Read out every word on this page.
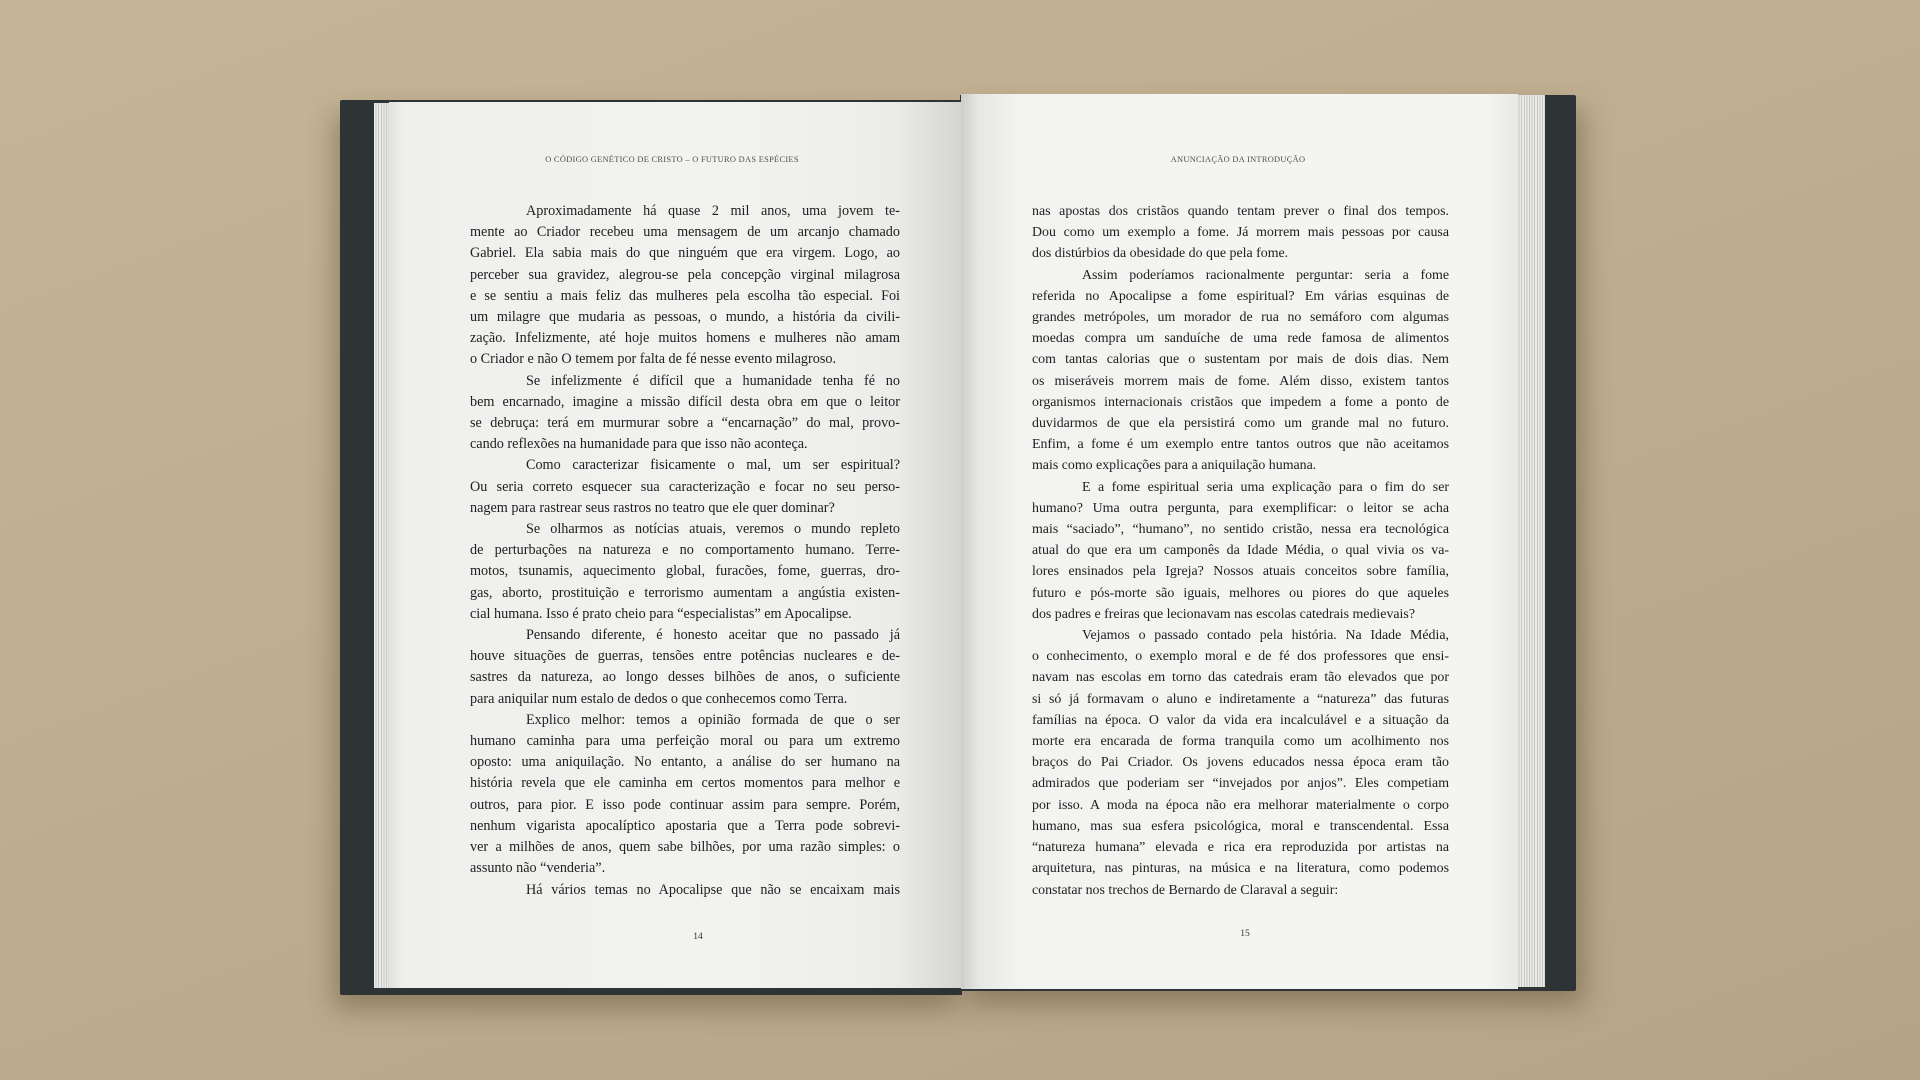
O CÓDIGO GENÉTICO DE CRISTO – O FUTURO DAS ESPÉCIES
Aproximadamente há quase 2 mil anos, uma jovem te-
mente ao Criador recebeu uma mensagem de um arcanjo chamado
Gabriel. Ela sabia mais do que ninguém que era virgem. Logo, ao
perceber sua gravidez, alegrou-se pela concepção virginal milagrosa
e se sentiu a mais feliz das mulheres pela escolha tão especial. Foi
um milagre que mudaria as pessoas, o mundo, a história da civili-
zação. Infelizmente, até hoje muitos homens e mulheres não amam
o Criador e não O temem por falta de fé nesse evento milagroso.
Se infelizmente é difícil que a humanidade tenha fé no
bem encarnado, imagine a missão difícil desta obra em que o leitor
se debruça: terá em murmurar sobre a “encarnação” do mal, provo-
cando reflexões na humanidade para que isso não aconteça.
Como caracterizar fisicamente o mal, um ser espiritual?
Ou seria correto esquecer sua caracterização e focar no seu perso-
nagem para rastrear seus rastros no teatro que ele quer dominar?
Se olharmos as notícias atuais, veremos o mundo repleto
de perturbações na natureza e no comportamento humano. Terre-
motos, tsunamis, aquecimento global, furacões, fome, guerras, dro-
gas, aborto, prostituição e terrorismo aumentam a angústia existen-
cial humana. Isso é prato cheio para “especialistas” em Apocalipse.
Pensando diferente, é honesto aceitar que no passado já
houve situações de guerras, tensões entre potências nucleares e de-
sastres da natureza, ao longo desses bilhões de anos, o suficiente
para aniquilar num estalo de dedos o que conhecemos como Terra.
Explico melhor: temos a opinião formada de que o ser
humano caminha para uma perfeição moral ou para um extremo
oposto: uma aniquilação. No entanto, a análise do ser humano na
história revela que ele caminha em certos momentos para melhor e
outros, para pior. E isso pode continuar assim para sempre. Porém,
nenhum vigarista apocalíptico apostaria que a Terra pode sobrevi-
ver a milhões de anos, quem sabe bilhões, por uma razão simples: o
assunto não “venderia”.
Há vários temas no Apocalipse que não se encaixam mais
14
ANUNCIAÇÃO DA INTRODUÇÃO
nas apostas dos cristãos quando tentam prever o final dos tempos.
Dou como um exemplo a fome. Já morrem mais pessoas por causa
dos distúrbios da obesidade do que pela fome.
Assim poderíamos racionalmente perguntar: seria a fome
referida no Apocalipse a fome espiritual? Em várias esquinas de
grandes metrópoles, um morador de rua no semáforo com algumas
moedas compra um sanduíche de uma rede famosa de alimentos
com tantas calorias que o sustentam por mais de dois dias. Nem
os miseráveis morrem mais de fome. Além disso, existem tantos
organismos internacionais cristãos que impedem a fome a ponto de
duvidarmos de que ela persistirá como um grande mal no futuro.
Enfim, a fome é um exemplo entre tantos outros que não aceitamos
mais como explicações para a aniquilação humana.
E a fome espiritual seria uma explicação para o fim do ser
humano? Uma outra pergunta, para exemplificar: o leitor se acha
mais “saciado”, “humano”, no sentido cristão, nessa era tecnológica
atual do que era um camponês da Idade Média, o qual vivia os va-
lores ensinados pela Igreja? Nossos atuais conceitos sobre família,
futuro e pós-morte são iguais, melhores ou piores do que aqueles
dos padres e freiras que lecionavam nas escolas catedrais medievais?
Vejamos o passado contado pela história. Na Idade Média,
o conhecimento, o exemplo moral e de fé dos professores que ensi-
navam nas escolas em torno das catedrais eram tão elevados que por
si só já formavam o aluno e indiretamente a “natureza” das futuras
famílias na época. O valor da vida era incalculável e a situação da
morte era encarada de forma tranquila como um acolhimento nos
braços do Pai Criador. Os jovens educados nessa época eram tão
admirados que poderiam ser “invejados por anjos”. Eles competiam
por isso. A moda na época não era melhorar materialmente o corpo
humano, mas sua esfera psicológica, moral e transcendental. Essa
“natureza humana” elevada e rica era reproduzida por artistas na
arquitetura, nas pinturas, na música e na literatura, como podemos
constatar nos trechos de Bernardo de Claraval a seguir:
15
